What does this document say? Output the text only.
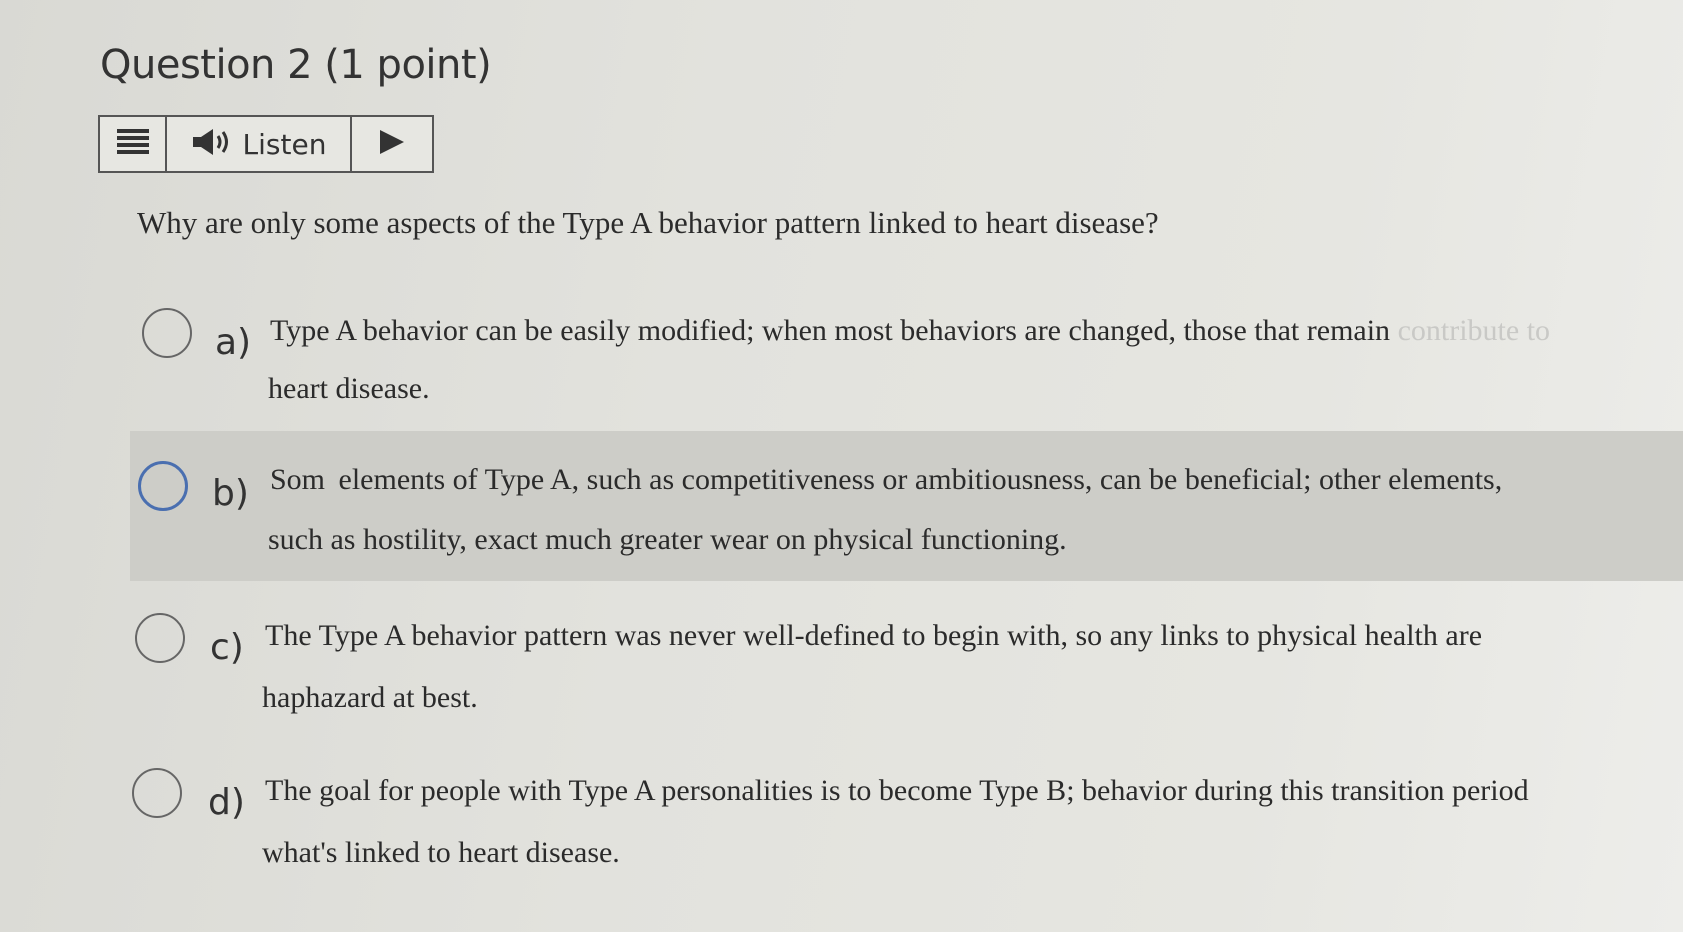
Question 2 (1 point)
Listen
Why are only some aspects of the Type A behavior pattern linked to heart disease?
a) Type A behavior can be easily modified; when most behaviors are changed, those that remain contribute to
heart disease.
b) Som  elements of Type A, such as competitiveness or ambitiousness, can be beneficial; other elements,
such as hostility, exact much greater wear on physical functioning.
c) The Type A behavior pattern was never well-defined to begin with, so any links to physical health are
haphazard at best.
d) The goal for people with Type A personalities is to become Type B; behavior during this transition period
what's linked to heart disease.
